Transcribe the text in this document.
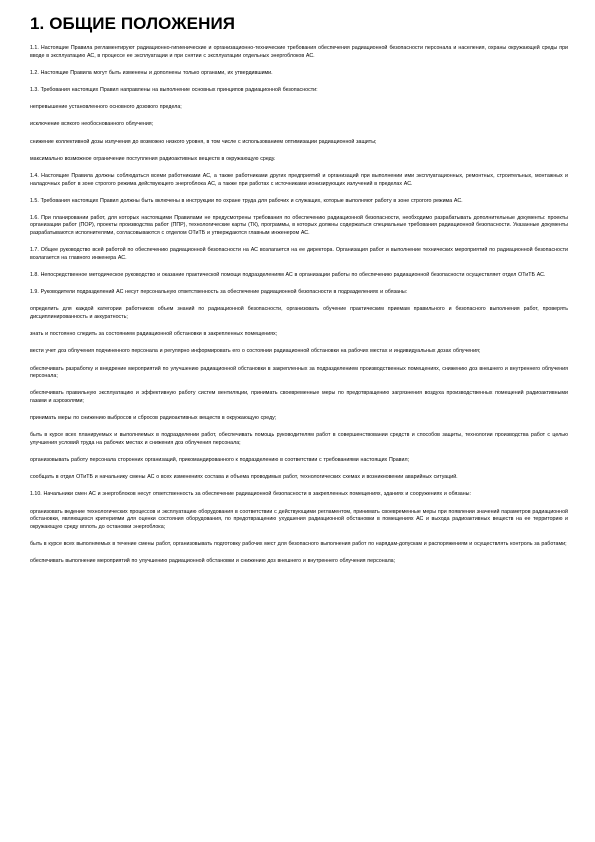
1. ОБЩИЕ ПОЛОЖЕНИЯ

1.1. Настоящие Правила регламентируют радиационно-гигиенические и организационно-технические требования обеспечения радиационной безопасности персонала и населения, охраны окружающей среды при вводе в эксплуатацию АС, в процессе ее эксплуатации и при снятии с эксплуатации отдельных энергоблоков АС.

1.2. Настоящие Правила могут быть изменены и дополнены только органами, их утвердившими.

1.3. Требования настоящих Правил направлены на выполнение основных принципов радиационной безопасности:

непревышение установленного основного дозового предела;

исключение всякого необоснованного облучения;

снижение коллективной дозы излучения до возможно низкого уровня, в том числе с использованием оптимизации радиационной защиты;

максимально возможное ограничение поступления радиоактивных веществ в окружающую среду.

1.4. Настоящие Правила должны соблюдаться всеми работниками АС, а также работниками других предприятий и организаций при выполнении ими эксплуатационных, ремонтных, строительных, монтажных и наладочных работ в зоне строгого режима действующего энергоблока АС, а также при работах с источниками ионизирующих излучений в пределах АС.

1.5. Требования настоящих Правил должны быть включены в инструкции по охране труда для рабочих и служащих, которые выполняют работу в зоне строгого режима АС.

1.6. При планировании работ, для которых настоящими Правилами не предусмотрены требования по обеспечению радиационной безопасности, необходимо разрабатывать дополнительные документы: проекты организации работ (ПОР), проекты производства работ (ППР), технологические карты (ТК), программы, в которых должны содержаться специальные требования радиационной безопасности. Указанные документы разрабатываются исполнителями, согласовываются с отделом ОТиТБ и утверждаются главным инженером АС.

1.7. Общее руководство всей работой по обеспечению радиационной безопасности на АС возлагается на ее директора. Организация работ и выполнение технических мероприятий по радиационной безопасности возлагается на главного инженера АС.

1.8. Непосредственное методическое руководство и оказание практической помощи подразделениям АС в организации работы по обеспечению радиационной безопасности осуществляет отдел ОТиТБ АС.

1.9. Руководители подразделений АС несут персональную ответственность за обеспечение радиационной безопасности в подразделениях и обязаны:

определить для каждой категории работников объем знаний по радиационной безопасности, организовать обучение практическим приемам правильного и безопасного выполнения работ, проверять дисциплинированность и аккуратность;

знать и постоянно следить за состоянием радиационной обстановки в закрепленных помещениях;

вести учет доз облучения подчиненного персонала и регулярно информировать его о состоянии радиационной обстановки на рабочих местах и индивидуальных дозах облучения;

обеспечивать разработку и внедрение мероприятий по улучшению радиационной обстановки в закрепленных за подразделением производственных помещениях, снижению доз внешнего и внутреннего облучения персонала;

обеспечивать правильную эксплуатацию и эффективную работу систем вентиляции, принимать своевременные меры по предотвращению загрязнения воздуха производственных помещений радиоактивными газами и аэрозолями;

принимать меры по снижению выбросов и сбросов радиоактивных веществ в окружающую среду;

быть в курсе всех планируемых и выполняемых в подразделении работ, обеспечивать помощь руководителям работ в совершенствовании средств и способов защиты, технологии производства работ с целью улучшения условий труда на рабочих местах и снижения доз облучения персонала;

организовывать работу персонала сторонних организаций, прикомандированного к подразделению в соответствии с требованиями настоящих Правил;

сообщать в отдел ОТиТБ и начальнику смены АС о всех изменениях состава и объема проводимых работ, технологических схемах и возникновении аварийных ситуаций.

1.10. Начальники смен АС и энергоблоков несут ответственность за обеспечение радиационной безопасности в закрепленных помещениях, зданиях и сооружениях и обязаны:

организовать ведение технологических процессов и эксплуатацию оборудования в соответствии с действующими регламентом, принимать своевременные меры при появлении значений параметров радиационной обстановки, являющихся критериями для оценки состояния оборудования, по предотвращению ухудшения радиационной обстановки в помещениях АС и выхода радиоактивных веществ на ее территорию и окружающую среду вплоть до остановки энергоблока;

быть в курсе всех выполняемых в течение смены работ, организовывать подготовку рабочих мест для безопасного выполнения работ по нарядам-допускам и распоряжениям и осуществлять контроль за работами;

обеспечивать выполнение мероприятий по улучшению радиационной обстановки и снижению доз внешнего и внутреннего облучения персонала;
